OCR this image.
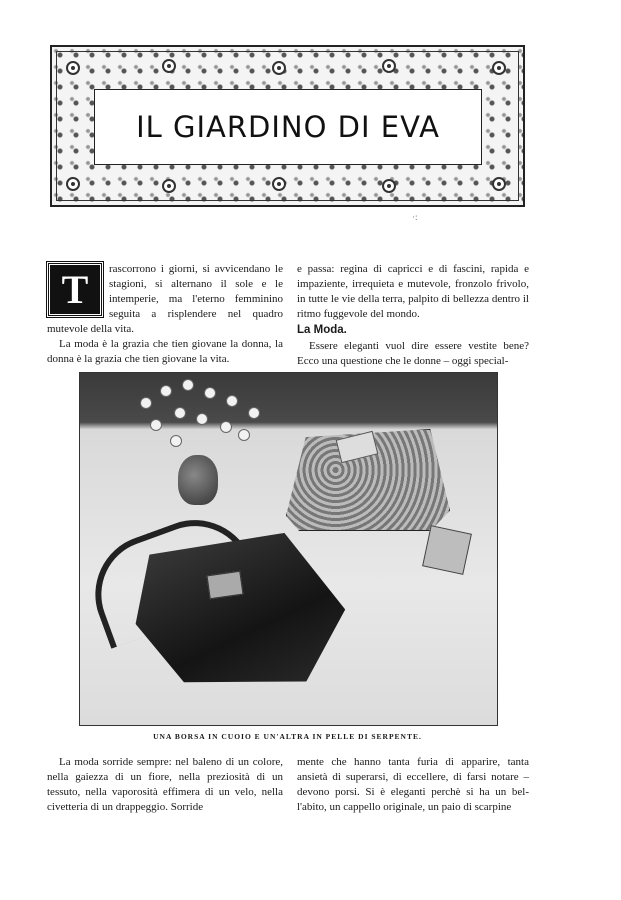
IL GIARDINO DI EVA
·:
T	rascorrono i giorni, si avvicendano le stagioni, si alternano il sole e le intemperie, ma l'eterno femminino seguita a risplendere nel quadro mutevole della vita.

La moda è la grazia che tien giovane la donna, la donna è la grazia che tien giovane la vita.

e passa: regina di capricci e di fascini, rapida e impaziente, irrequieta e mutevole, fronzolo frivolo, in tutte le vie della terra, palpito di bellezza dentro il ritmo fuggevole del mondo.

La Moda.

Essere eleganti vuol dire essere vestite bene? Ecco una questione che le donne – oggi special-

UNA BORSA IN CUOIO E UN'ALTRA IN PELLE DI SERPENTE.

La moda sorride sempre: nel baleno di un colore, nella gaiezza di un fiore, nella preziosità di un tessuto, nella vaporosità effimera di un velo, nella civetteria di un drappeggio. Sorride

mente che hanno tanta furia di apparire, tanta ansietà di superarsi, di eccellere, di farsi notare – devono porsi. Si è eleganti perchè si ha un bel-l'abito, un cappello originale, un paio di scarpine
